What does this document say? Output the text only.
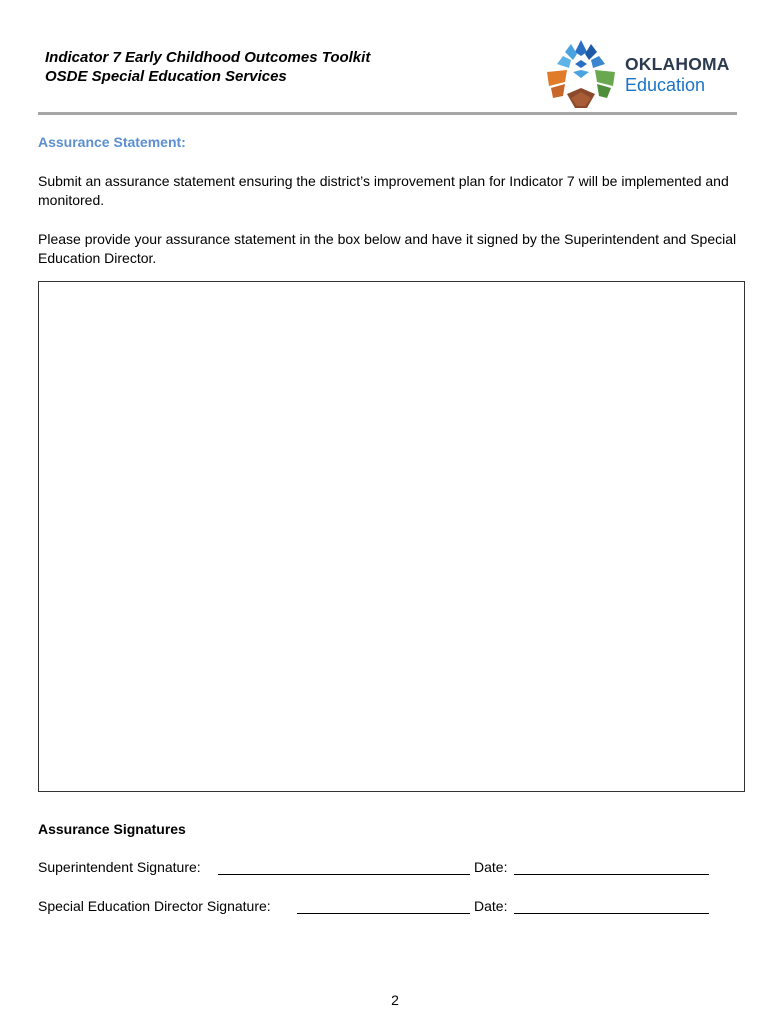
Indicator 7 Early Childhood Outcomes Toolkit
OSDE Special Education Services
OKLAHOMA
Education
Assurance Statement:
Submit an assurance statement ensuring the district’s improvement plan for Indicator 7 will be implemented and monitored.
Please provide your assurance statement in the box below and have it signed by the Superintendent and Special Education Director.
Assurance Signatures
Superintendent Signature:	Date:
Special Education Director Signature:	Date:
2
